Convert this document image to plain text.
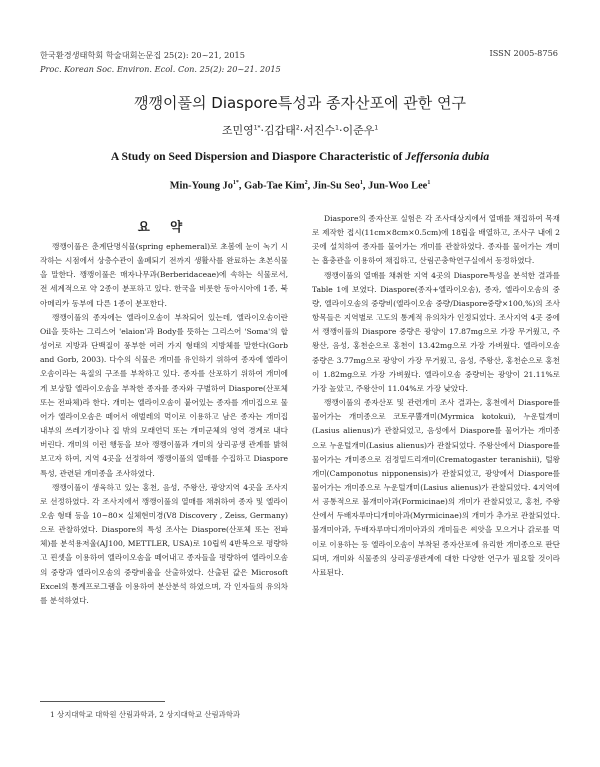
한국환경생태학회 학술대회논문집 25(2): 20~21, 2015
Proc. Korean Soc. Environ. Ecol. Con. 25(2): 20~21. 2015
ISSN 2005-8756
깽깽이풀의 Diaspore특성과 종자산포에 관한 연구
조민영$^{1*}$·김갑태$^2$·서진수$^1$·이준우$^1$
A Study on Seed Dispersion and Diaspore Characteristic of Jeffersonia dubia
Min-Young $Jo^{1*}$, Gab-Tae Kim$^2$, Jin-Su Seo$^1$, Jun-Woo Lee$^1$
요 약

깽깽이풀은 춘계단명식물(spring ephemeral)로 초봄에 눈이 녹기 시작하는 시점에서 상층수관이 울폐되기 전까지 생활사를 완료하는 초본식물을 말한다. 깽깽이풀은 매자나무과(Berberidaceae)에 속하는 식물로서, 전 세계적으로 약 2종이 분포하고 있다. 한국을 비롯한 동아시아에 1종, 북아메리카 동부에 다른 1종이 분포한다.

깽깽이풀의 종자에는 엘라이오솜이 부착되어 있는데, 엘라이오솜이란 Oil을 뜻하는 그리스어 'elaion'과 Body를 뜻하는 그리스어 'Soma'의 합성어로 지방과 단백질이 풍부한 여러 가지 형태의 지방체를 말한다(Gorb and Gorb, 2003). 다수의 식물은 개미를 유인하기 위하여 종자에 엘라이오솜이라는 육질의 구조를 부착하고 있다. 종자를 산포하기 위하여 개미에게 보상할 엘라이오솜을 부착한 종자를 종자와 구별하여 Diaspore(산포체 또는 전파체)라 한다. 개미는 엘라이오솜이 붙어있는 종자를 개미집으로 물어가 엘라이오솜은 떼어서 애벌레의 먹이로 이용하고 남은 종자는 개미집 내부의 쓰레기장이나 집 밖의 모래언덕 또는 개미군체의 영역 경계로 내다버린다. 개미의 이런 행동을 보아 깽깽이풀과 개미의 상리공생 관계를 밝혀보고자 하여, 지역 4곳을 선정하여 깽깽이풀의 열매를 수집하고 Diaspore 특성, 관련된 개미종을 조사하였다.

깽깽이풀이 생육하고 있는 홍천, 음성, 주왕산, 광양지역 4곳을 조사지로 선정하였다. 각 조사지에서 깽깽이풀의 열매를 채취하여 종자 및 엘라이오솜 형태 등을 10~80× 실체현미경(V8 Discovery , Zeiss, Germany)으로 관찰하였다. Diaspore의 특성 조사는 Diaspore(산포체 또는 전파체)를 분석용저울(AJ100, METTLER, USA)로 10립씩 4반복으로 평량하고 핀셋을 이용하여 엘라이오솜을 떼어내고 종자들을 평량하여 엘라이오솜의 중량과 엘라이오솜의 중량비율을 산출하였다. 산출된 값은 Microsoft Excel의 통계프로그램을 이용하여 분산분석 하였으며, 각 인자들의 유의차를 분석하였다.

Diaspore의 종자산포 실험은 각 조사대상지에서 열매를 채집하여 목재로 제작한 접시(11cm×8cm×0.5cm)에 18립을 배열하고, 조사구 내에 2곳에 설치하여 종자를 물어가는 개미를 관찰하였다. 종자를 물어가는 개미는 흡충관을 이용하여 채집하고, 산림곤충학연구실에서 동정하였다.

깽깽이풀의 열매를 채취한 지역 4곳의 Diaspore특성을 분석한 결과를 Table 1에 보였다. Diaspore(종자+엘라이오솜), 종자, 엘라이오솜의 중량, 엘라이오솜의 중량비(엘라이오솜 중량/Diaspore중량×100,%)의 조사항목들은 지역별로 고도의 통계적 유의차가 인정되었다. 조사지역 4곳 중에서 깽깽이풀의 Diaspore 중량은 광양이 17.87mg으로 가장 무거웠고, 주왕산, 음성, 홍천순으로 홍천이 13.42mg으로 가장 가벼웠다. 엘라이오솜 중량은 3.77mg으로 광양이 가장 무거웠고, 음성, 주왕산, 홍천순으로 홍천이 1.82mg으로 가장 가벼웠다. 엘라이오솜 중량비는 광양이 21.11%로 가장 높았고, 주왕산이 11.04%로 가장 낮았다.

깽깽이풀의 종자산포 및 관련개미 조사 결과는, 홍천에서 Diaspore를 물어가는 개미종으로 코토쿠뿔개미(Myrmica kotokui), 누운털개미(Lasius alienus)가 관찰되었고, 음성에서 Diaspore를 물어가는 개미종으로 누운털개미(Lasius alienus)가 관찰되었다. 주왕산에서 Diaspore를 물어가는 개미종으로 검정밑드리개미(Crematogaster teranishii), 털왕개미(Camponotus nipponensis)가 관찰되었고, 광양에서 Diaspore를 물어가는 개미종으로 누운털개미(Lasius alienus)가 관찰되었다. 4지역에서 공통적으로 불개미아과(Formicinae)의 개미가 관찰되었고, 홍천, 주왕산에서 두배자루마디개미아과(Myrmicinae)의 개미가 추가로 관찰되었다. 불개미아과, 두배자루마디개미아과의 개미들은 씨앗을 모으거나 갉로를 먹이로 이용하는 등 엘라이오솜이 부착된 종자산포에 유리한 개미종으로 판단되며, 개미와 식물종의 상리공생관계에 대한 다양한 연구가 필요할 것이라 사료된다.

1 상지대학교 대학원 산림과학과, 2 상지대학교 산림과학과
